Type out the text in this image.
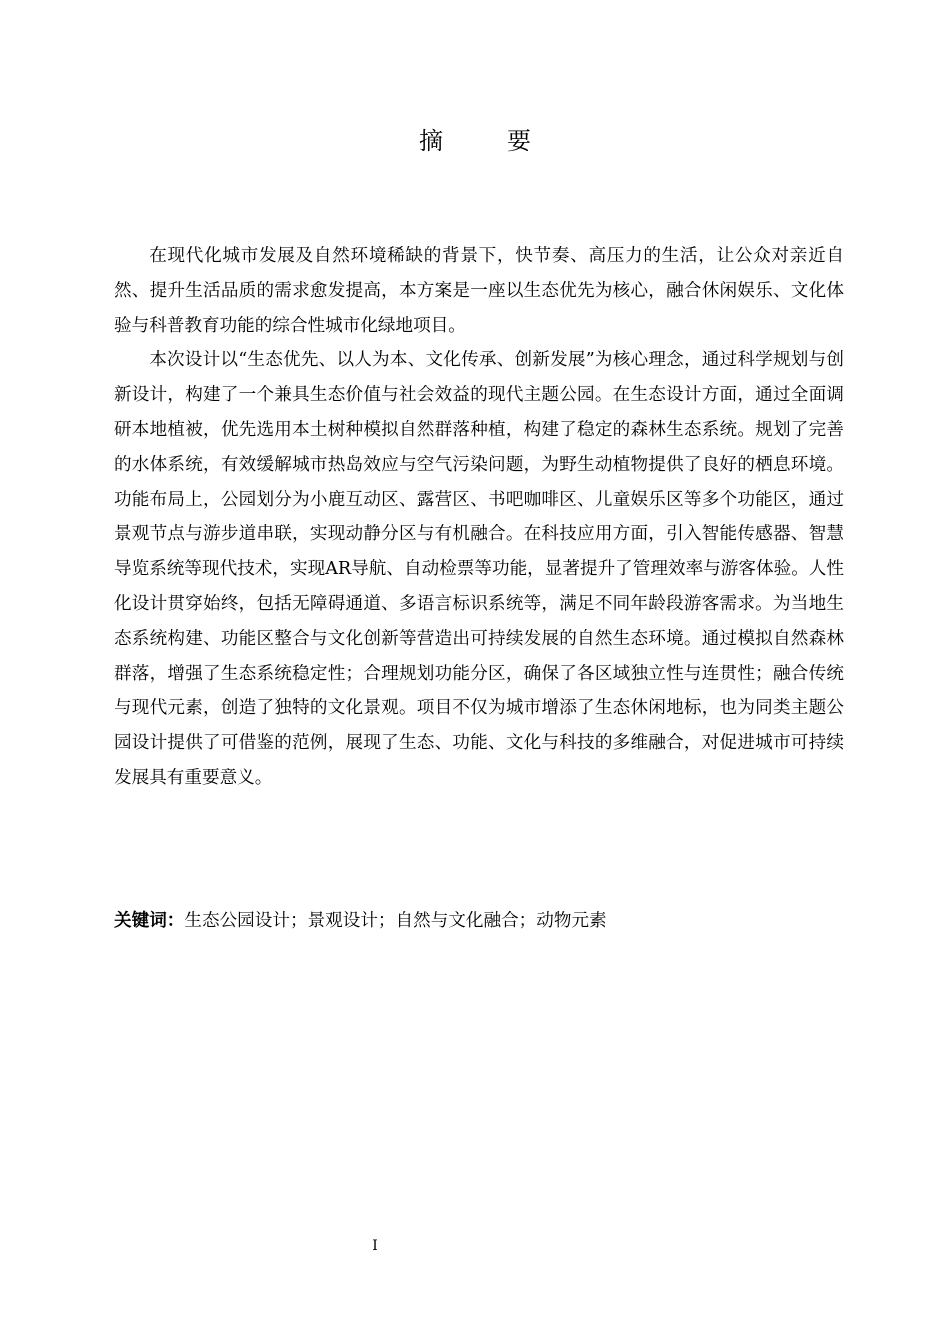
摘　要

在现代化城市发展及自然环境稀缺的背景下，快节奏、高压力的生活，让公众对亲近自然、提升生活品质的需求愈发提高，本方案是一座以生态优先为核心，融合休闲娱乐、文化体验与科普教育功能的综合性城市化绿地项目。

本次设计以“生态优先、以人为本、文化传承、创新发展”为核心理念，通过科学规划与创新设计，构建了一个兼具生态价值与社会效益的现代主题公园。在生态设计方面，通过全面调研本地植被，优先选用本土树种模拟自然群落种植，构建了稳定的森林生态系统。规划了完善的水体系统，有效缓解城市热岛效应与空气污染问题，为野生动植物提供了良好的栖息环境。功能布局上，公园划分为小鹿互动区、露营区、书吧咖啡区、儿童娱乐区等多个功能区，通过景观节点与游步道串联，实现动静分区与有机融合。在科技应用方面，引入智能传感器、智慧导览系统等现代技术，实现AR导航、自动检票等功能，显著提升了管理效率与游客体验。人性化设计贯穿始终，包括无障碍通道、多语言标识系统等，满足不同年龄段游客需求。为当地生态系统构建、功能区整合与文化创新等营造出可持续发展的自然生态环境。通过模拟自然森林群落，增强了生态系统稳定性；合理规划功能分区，确保了各区域独立性与连贯性；融合传统与现代元素，创造了独特的文化景观。项目不仅为城市增添了生态休闲地标，也为同类主题公园设计提供了可借鉴的范例，展现了生态、功能、文化与科技的多维融合，对促进城市可持续发展具有重要意义。

关键词：生态公园设计；景观设计；自然与文化融合；动物元素
I
